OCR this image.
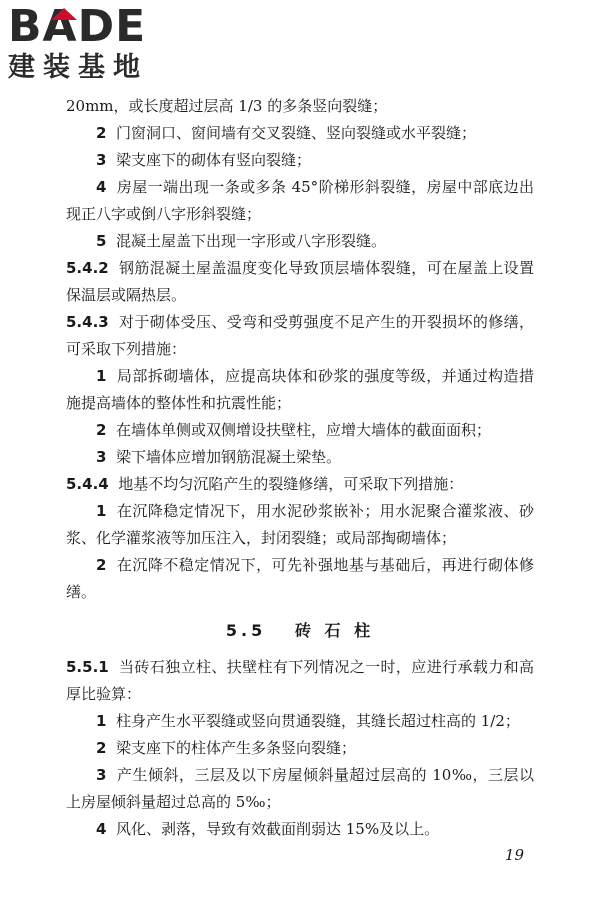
BADE
建装基地

20mm，或长度超过层高 1/3 的多条竖向裂缝；

2 门窗洞口、窗间墙有交叉裂缝、竖向裂缝或水平裂缝；

3 梁支座下的砌体有竖向裂缝；

4 房屋一端出现一条或多条 45°阶梯形斜裂缝，房屋中部底边出现正八字或倒八字形斜裂缝；

5 混凝土屋盖下出现一字形或八字形裂缝。

5.4.2 钢筋混凝土屋盖温度变化导致顶层墙体裂缝，可在屋盖上设置保温层或隔热层。

5.4.3 对于砌体受压、受弯和受剪强度不足产生的开裂损坏的修缮，可采取下列措施：

1 局部拆砌墙体，应提高块体和砂浆的强度等级，并通过构造措施提高墙体的整体性和抗震性能；

2 在墙体单侧或双侧增设扶壁柱，应增大墙体的截面面积；

3 梁下墙体应增加钢筋混凝土梁垫。

5.4.4 地基不均匀沉陷产生的裂缝修缮，可采取下列措施：

1 在沉降稳定情况下，用水泥砂浆嵌补；用水泥聚合灌浆液、砂浆、化学灌浆液等加压注入，封闭裂缝；或局部掏砌墙体；

2 在沉降不稳定情况下，可先补强地基与基础后，再进行砌体修缮。

5.5 砖 石 柱

5.5.1 当砖石独立柱、扶壁柱有下列情况之一时，应进行承载力和高厚比验算：

1 柱身产生水平裂缝或竖向贯通裂缝，其缝长超过柱高的 1/2；

2 梁支座下的柱体产生多条竖向裂缝；

3 产生倾斜，三层及以下房屋倾斜量超过层高的 10‰，三层以上房屋倾斜量超过总高的 5‰；

4 风化、剥落，导致有效截面削弱达 15%及以上。

19
